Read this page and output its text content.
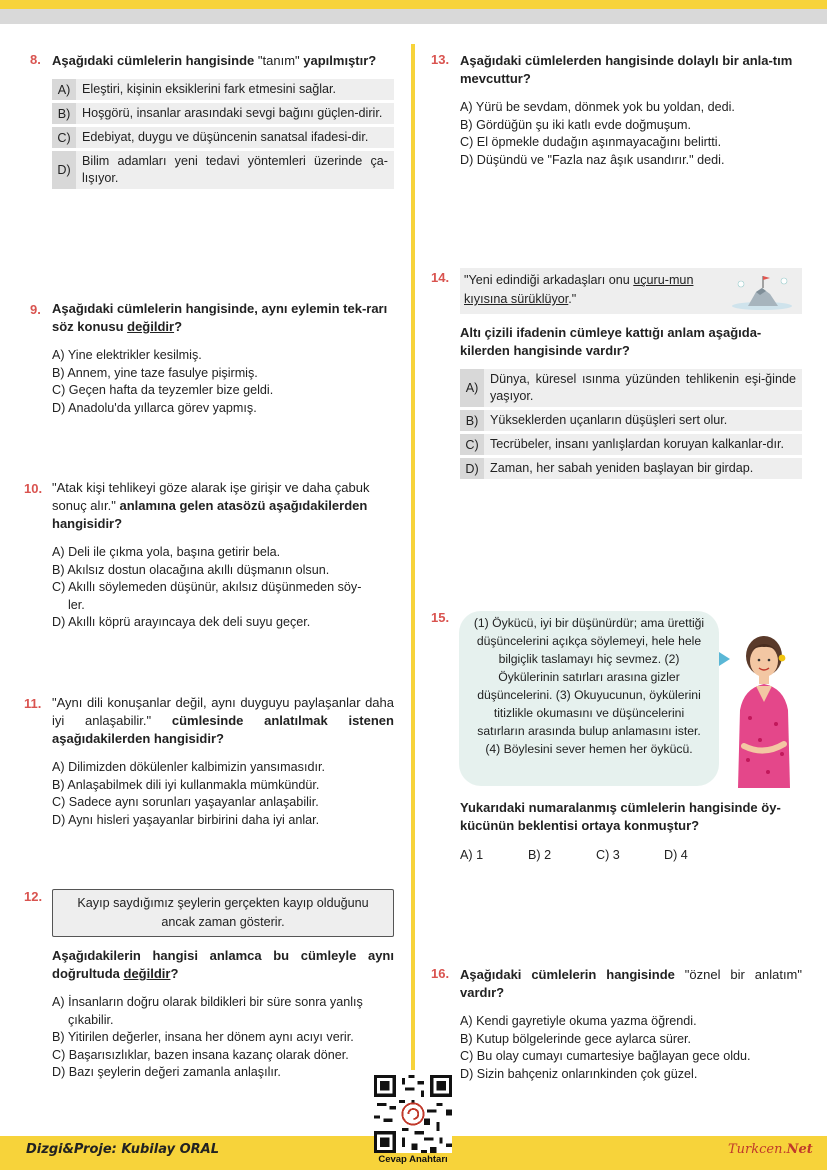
8. Aşağıdaki cümlelerin hangisinde "tanım" yapılmıştır?
A) Eleştiri, kişinin eksiklerini fark etmesini sağlar.
B) Hoşgörü, insanlar arasındaki sevgi bağını güçlen-dirir.
C) Edebiyat, duygu ve düşüncenin sanatsal ifadesi-dir.
D)
Bilim adamları yeni tedavi yöntemleri üzerinde ça-lışıyor.
9. Aşağıdaki cümlelerin hangisinde, aynı eylemin tek-rarı söz konusu değildir?
A) Yine elektrikler kesilmiş.
B) Annem, yine taze fasulye pişirmiş.
C) Geçen hafta da teyzemler bize geldi.
D) Anadolu'da yıllarca görev yapmış.
10. "Atak kişi tehlikeyi göze alarak işe girişir ve daha çabuk sonuç alır." anlamına gelen atasözü aşağıdakilerden hangisidir?
A) Deli ile çıkma yola, başına getirir bela.
B) Akılsız dostun olacağına akıllı düşmanın olsun.
C) Akıllı söylemeden düşünür, akılsız düşünmeden söy-
ler.
D) Akıllı köprü arayıncaya dek deli suyu geçer.
11. "Aynı dili konuşanlar değil, aynı duyguyu paylaşanlar daha iyi anlaşabilir." cümlesinde anlatılmak istenen aşağıdakilerden hangisidir?
A) Dilimizden dökülenler kalbimizin yansımasıdır.
B) Anlaşabilmek dili iyi kullanmakla mümkündür.
C) Sadece aynı sorunları yaşayanlar anlaşabilir.
D) Aynı hisleri yaşayanlar birbirini daha iyi anlar.
12.	Kayıp saydığımız şeylerin gerçekten kayıp olduğunu ancak zaman gösterir.
Aşağıdakilerin hangisi anlamca bu cümleyle aynı doğrultuda değildir?
A) İnsanların doğru olarak bildikleri bir süre sonra yanlış
çıkabilir.
B) Yitirilen değerler, insana her dönem aynı acıyı verir.
C) Başarısızlıklar, bazen insana kazanç olarak döner.
D) Bazı şeylerin değeri zamanla anlaşılır.
13. Aşağıdaki cümlelerden hangisinde dolaylı bir anla-tım mevcuttur?
A) Yürü be sevdam, dönmek yok bu yoldan, dedi.
B) Gördüğün şu iki katlı evde doğmuşum.
C) El öpmekle dudağın aşınmayacağını belirtti.
D) Düşündü ve "Fazla naz âşık usandırır." dedi.
14. "Yeni edindiği arkadaşları onu uçuru-mun kıyısına sürüklüyor."
Altı çizili ifadenin cümleye kattığı anlam aşağıda-kilerden hangisinde vardır?
A)
Dünya, küresel ısınma yüzünden tehlikenin eşi-ğinde yaşıyor.
B) Yükseklerden uçanların düşüşleri sert olur.
C) Tecrübeler, insanı yanlışlardan koruyan kalkanlar-dır.
D) Zaman, her sabah yeniden başlayan bir girdap.
15.	(1) Öykücü, iyi bir düşünürdür; ama ürettiği düşüncelerini açıkça söylemeyi, hele hele bilgiçlik taslamayı hiç sevmez. (2) Öykülerinin satırları arasına gizler düşüncelerini. (3) Okuyucunun, öykülerini titizlikle okumasını ve düşüncelerini satırların arasında bulup anlamasını ister. (4) Böylesini sever hemen her öykücü.
Yukarıdaki numaralanmış cümlelerin hangisinde öy-kücünün beklentisi ortaya konmuştur?
A) 1	B) 2	C) 3	D) 4
16. Aşağıdaki cümlelerin hangisinde "öznel bir anlatım" vardır?
A) Kendi gayretiyle okuma yazma öğrendi.
B) Kutup bölgelerinde gece aylarca sürer.
C) Bu olay cumayı cumartesiye bağlayan gece oldu.
D) Sizin bahçeniz onlarınkinden çok güzel.
Dizgi&Proje: Kubilay ORAL	Turkcen.Net
Cevap Anahtarı
